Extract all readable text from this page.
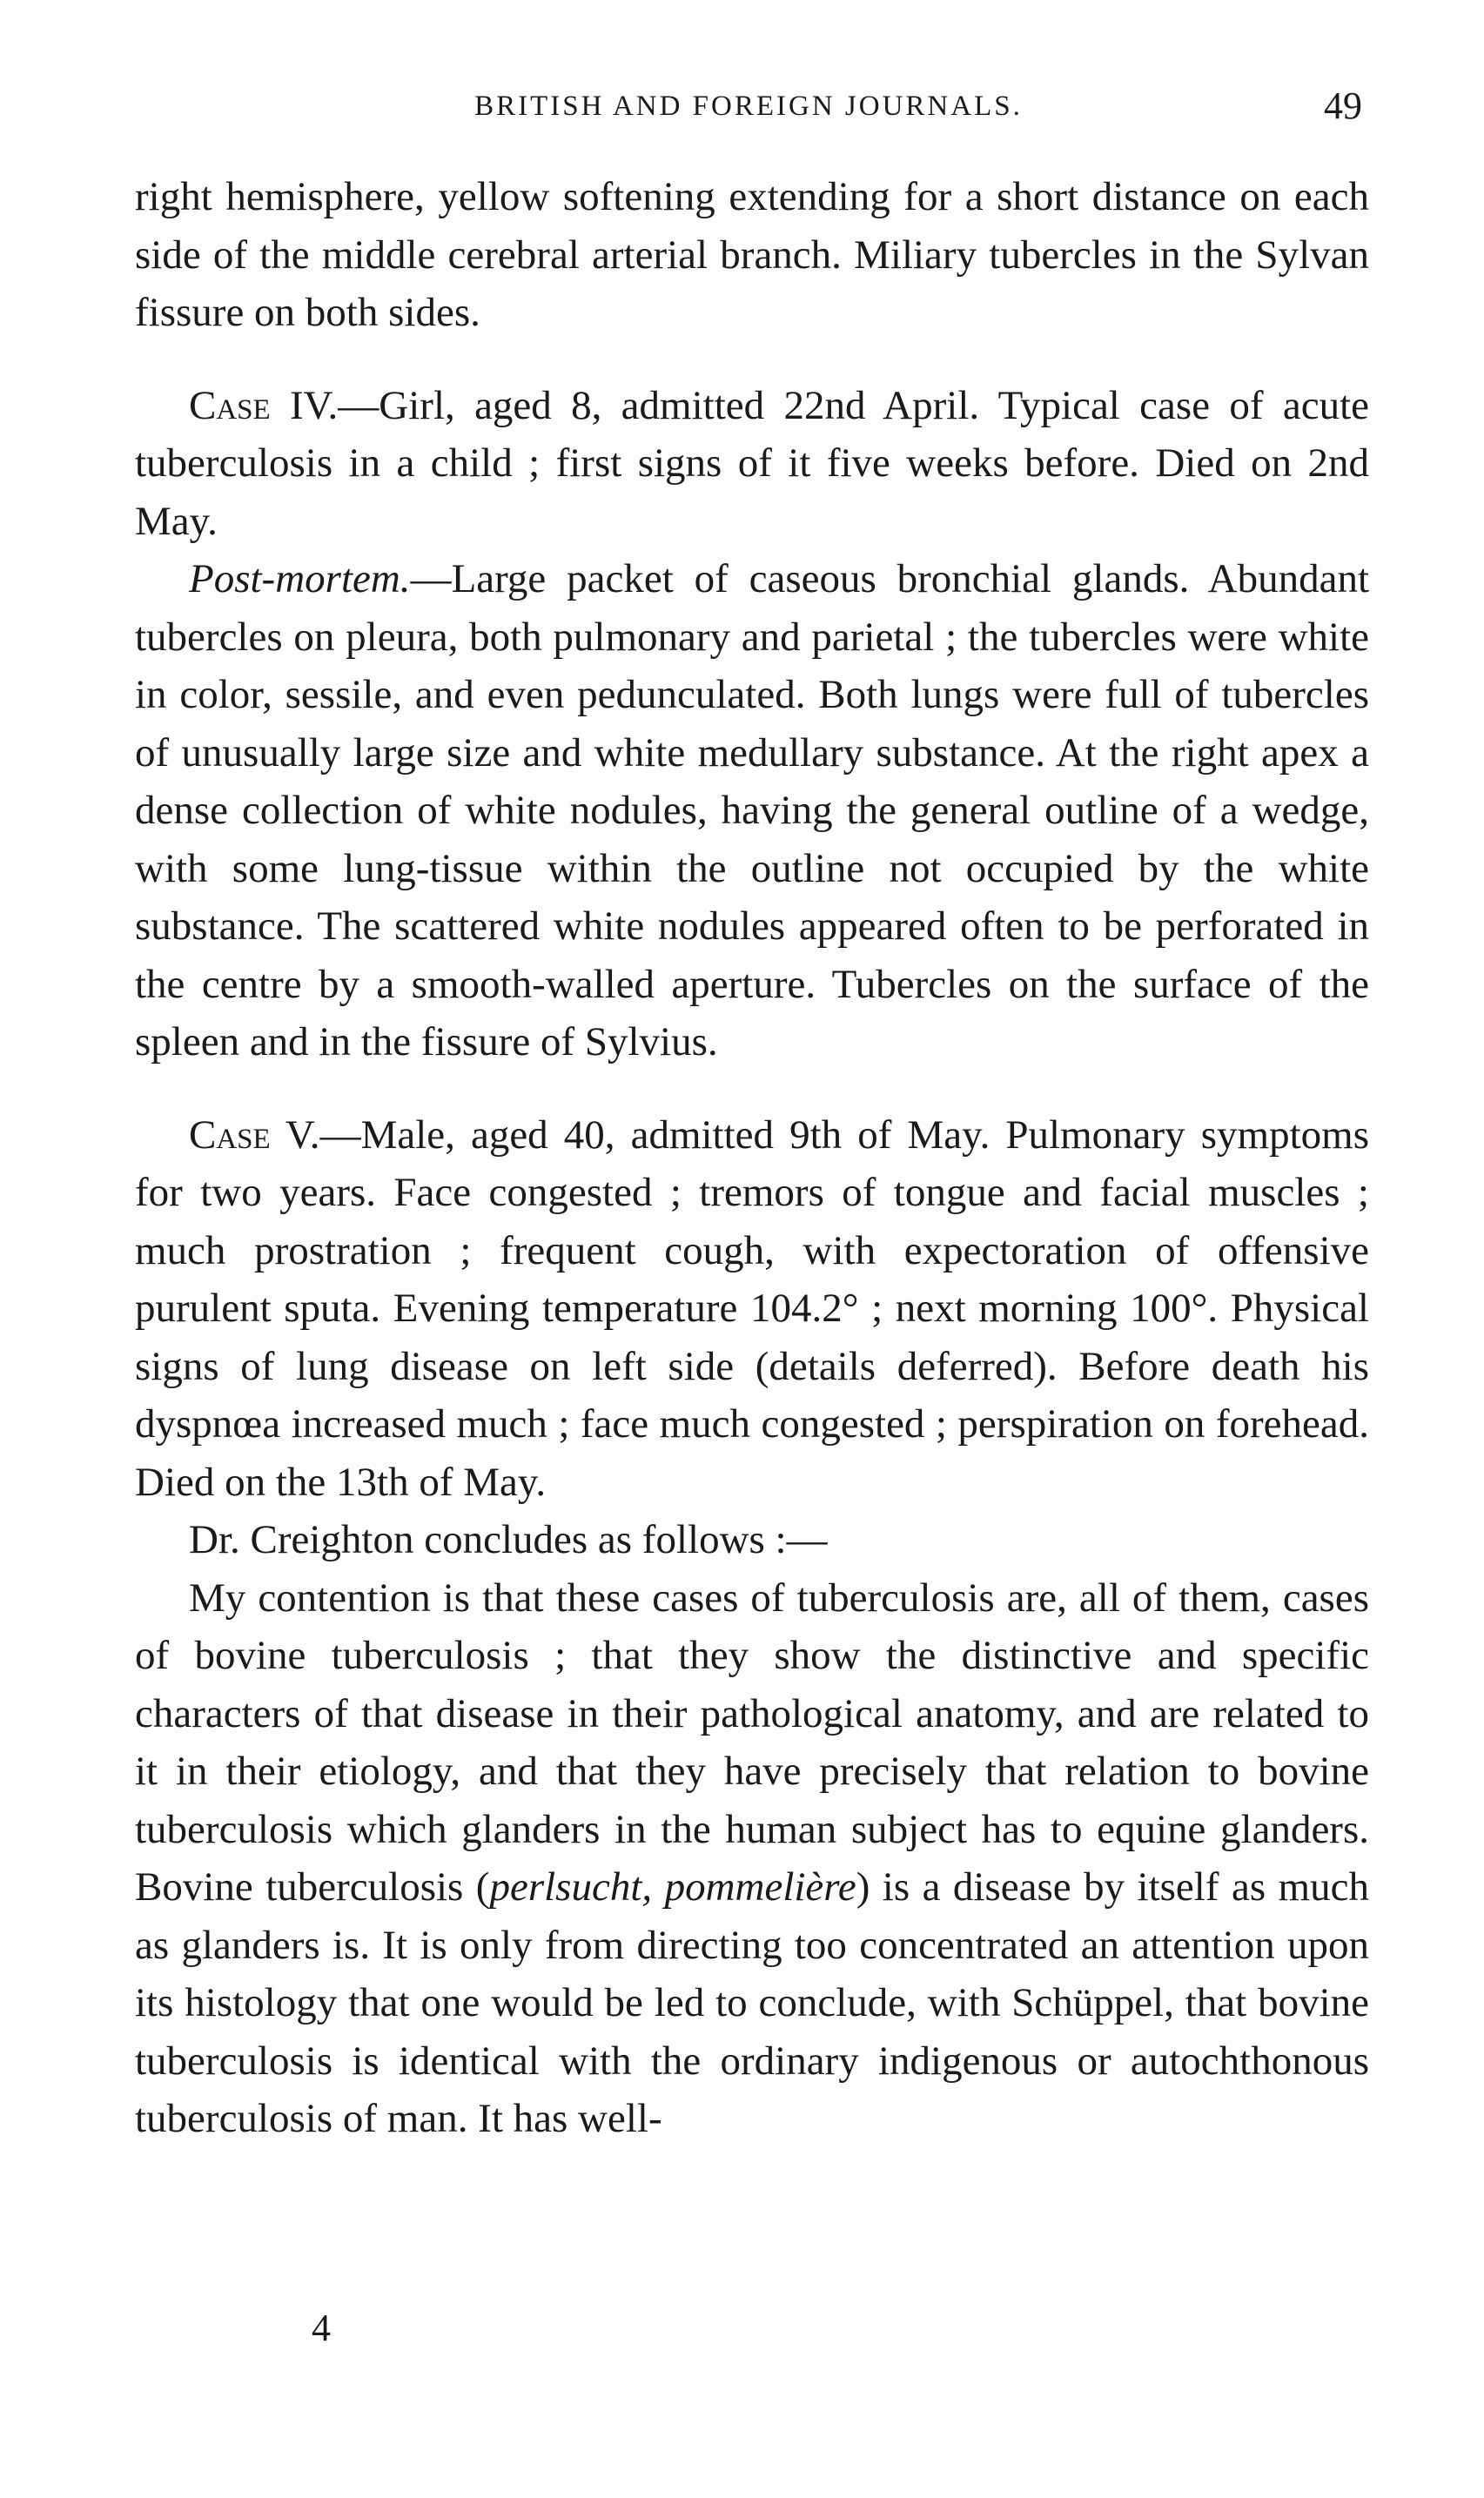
BRITISH AND FOREIGN JOURNALS.	49

right hemisphere, yellow softening extending for a short distance on each side of the middle cerebral arterial branch. Miliary tubercles in the Sylvan fissure on both sides.

Case IV.—Girl, aged 8, admitted 22nd April. Typical case of acute tuberculosis in a child ; first signs of it five weeks before. Died on 2nd May.

Post-mortem.—Large packet of caseous bronchial glands. Abundant tubercles on pleura, both pulmonary and parietal ; the tubercles were white in color, sessile, and even pedunculated. Both lungs were full of tubercles of unusually large size and white medullary substance. At the right apex a dense collection of white nodules, having the general outline of a wedge, with some lung-tissue within the outline not occupied by the white substance. The scattered white nodules appeared often to be perforated in the centre by a smooth-walled aperture. Tubercles on the surface of the spleen and in the fissure of Sylvius.

Case V.—Male, aged 40, admitted 9th of May. Pulmonary symptoms for two years. Face congested ; tremors of tongue and facial muscles ; much prostration ; frequent cough, with expectoration of offensive purulent sputa. Evening temperature 104.2° ; next morning 100°. Physical signs of lung disease on left side (details deferred). Before death his dyspnœa increased much ; face much congested ; perspiration on forehead. Died on the 13th of May.

Dr. Creighton concludes as follows :—

My contention is that these cases of tuberculosis are, all of them, cases of bovine tuberculosis ; that they show the distinctive and specific characters of that disease in their pathological anatomy, and are related to it in their etiology, and that they have precisely that relation to bovine tuberculosis which glanders in the human subject has to equine glanders. Bovine tuberculosis (perlsucht, pommelière) is a disease by itself as much as glanders is. It is only from directing too concentrated an attention upon its histology that one would be led to conclude, with Schüppel, that bovine tuberculosis is identical with the ordinary indigenous or autochthonous tuberculosis of man. It has well-

4
